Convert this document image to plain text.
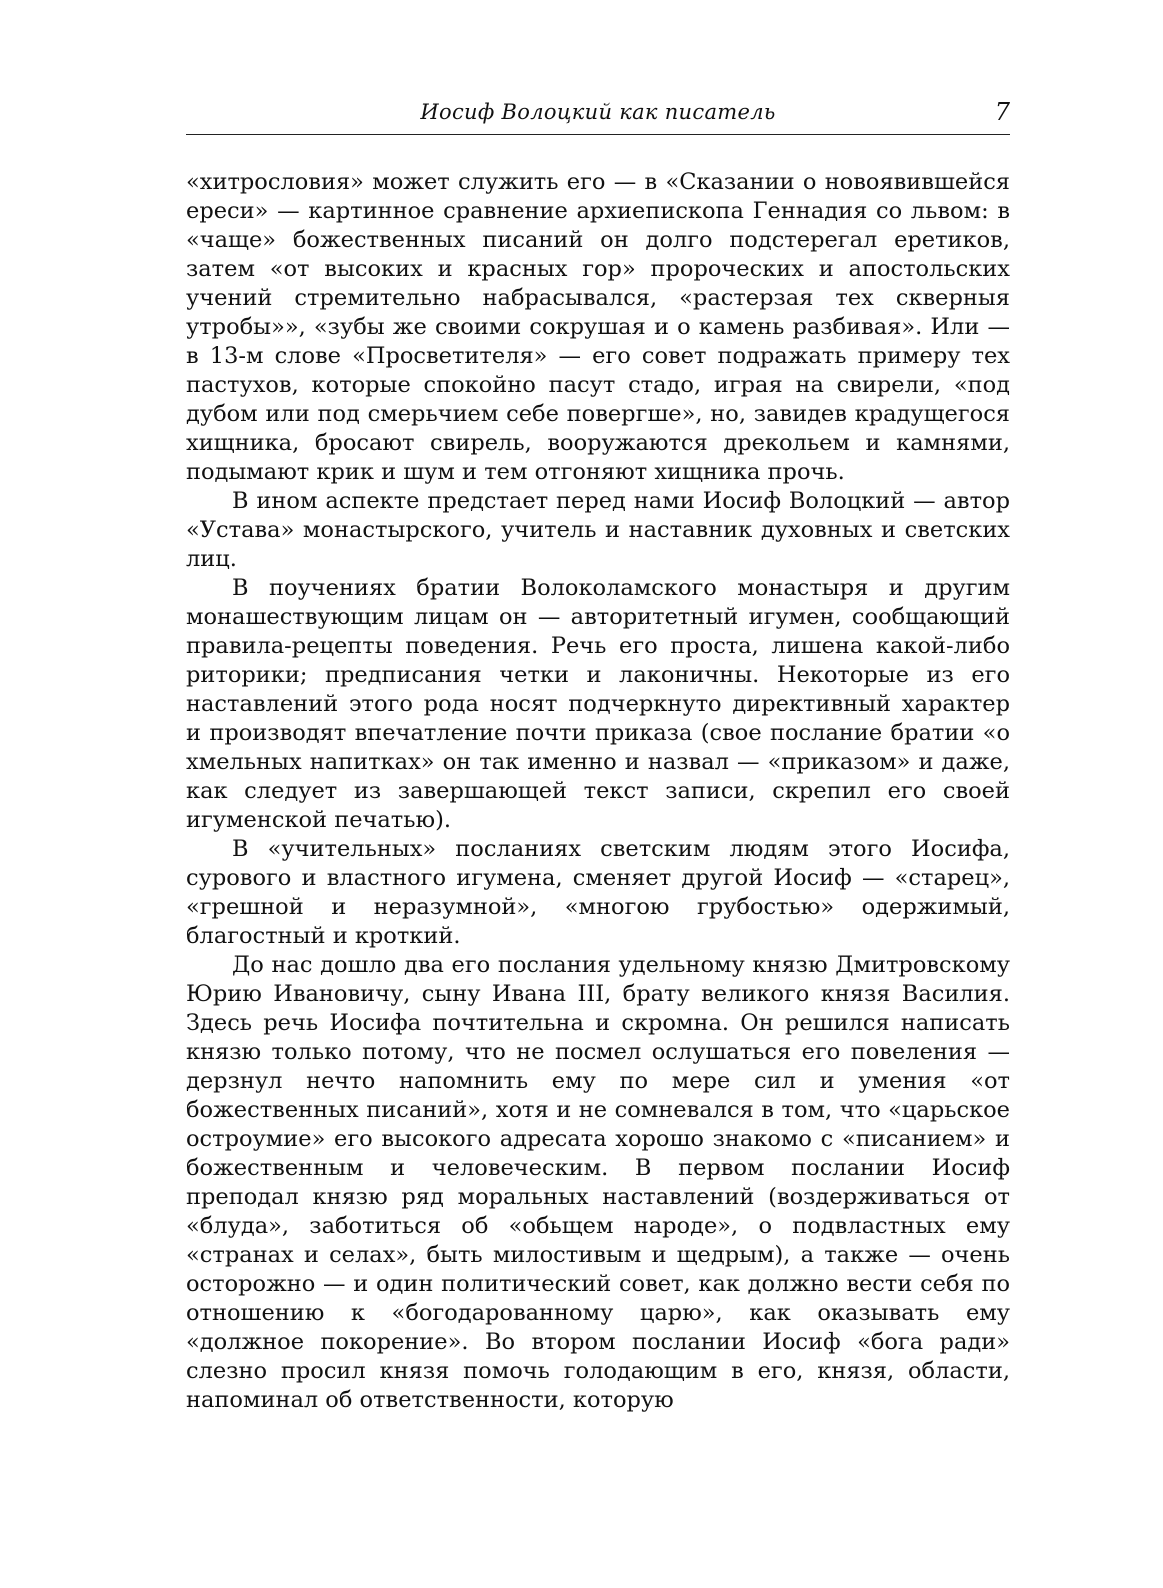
Иосиф Волоцкий как писатель	7

«хитрословия» может служить его — в «Сказании о новоявившейся ереси» — картинное сравнение архиепископа Геннадия со львом: в «чаще» божественных писаний он долго подстерегал еретиков, затем «от высоких и красных гор» пророческих и апостольских учений стремительно набрасывался, «растерзая тех скверныя утробы»», «зубы же своими сокрушая и о камень разбивая». Или — в 13-м слове «Просветителя» — его совет подражать примеру тех пастухов, которые спокойно пасут стадо, играя на свирели, «под дубом или под смерьчием себе повергше», но, завидев крадущегося хищника, бросают свирель, вооружаются дрекольем и камнями, подымают крик и шум и тем отгоняют хищника прочь.

В ином аспекте предстает перед нами Иосиф Волоцкий — автор «Устава» монастырского, учитель и наставник духовных и светских лиц.

В поучениях братии Волоколамского монастыря и другим монашествующим лицам он — авторитетный игумен, сообщающий правила-рецепты поведения. Речь его проста, лишена какой-либо риторики; предписания четки и лаконичны. Некоторые из его наставлений этого рода носят подчеркнуто директивный характер и производят впечатление почти приказа (свое послание братии «о хмельных напитках» он так именно и назвал — «приказом» и даже, как следует из завершающей текст записи, скрепил его своей игуменской печатью).

В «учительных» посланиях светским людям этого Иосифа, сурового и властного игумена, сменяет другой Иосиф — «старец», «грешной и неразумной», «многою грубостью» одержимый, благостный и кроткий.

До нас дошло два его послания удельному князю Дмитровскому Юрию Ивановичу, сыну Ивана III, брату великого князя Василия. Здесь речь Иосифа почтительна и скромна. Он решился написать князю только потому, что не посмел ослушаться его повеления — дерзнул нечто напомнить ему по мере сил и умения «от божественных писаний», хотя и не сомневался в том, что «царьское остроумие» его высокого адресата хорошо знакомо с «писанием» и божественным и человеческим. В первом послании Иосиф преподал князю ряд моральных наставлений (воздерживаться от «блуда», заботиться об «обьщем народе», о подвластных ему «странах и селах», быть милостивым и щедрым), а также — очень осторожно — и один политический совет, как должно вести себя по отношению к «богодарованному царю», как оказывать ему «должное покорение». Во втором послании Иосиф «бога ради» слезно просил князя помочь голодающим в его, князя, области, напоминал об ответственности, которую
